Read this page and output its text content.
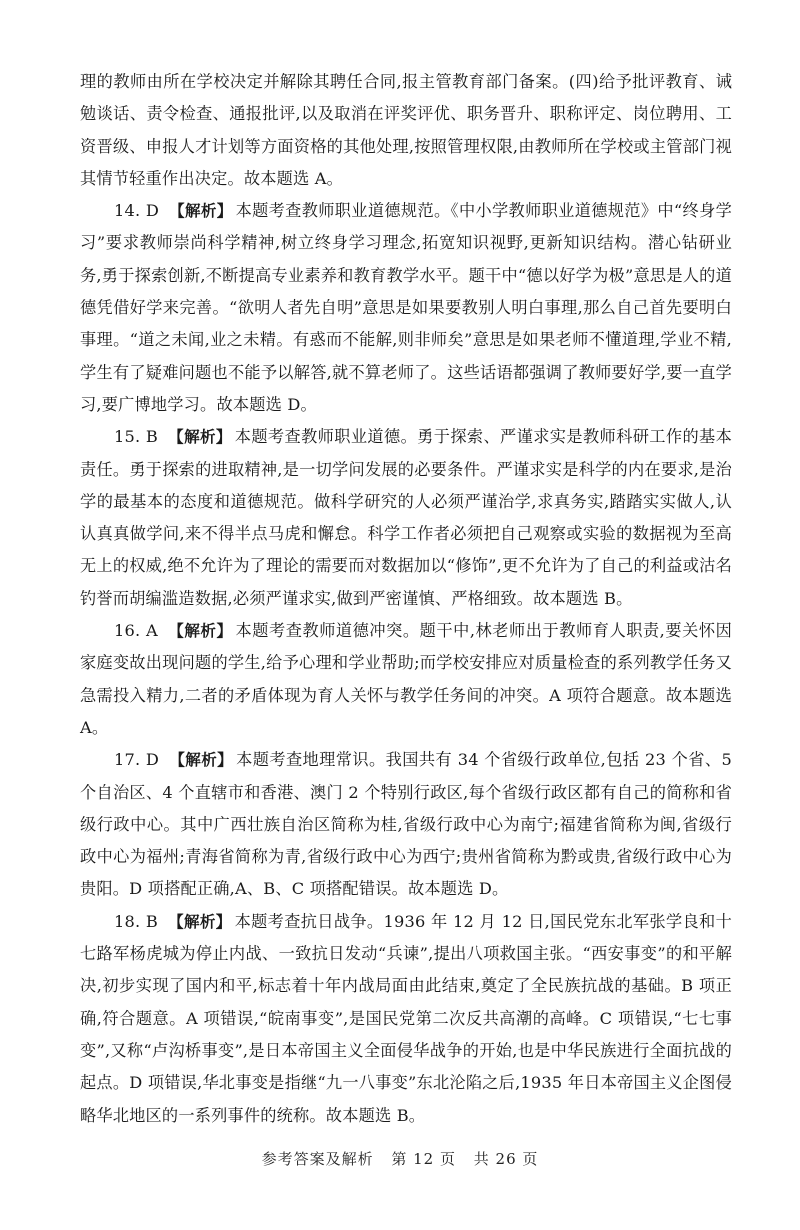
理的教师由所在学校决定并解除其聘任合同,报主管教育部门备案。(四)给予批评教育、诫勉谈话、责令检查、通报批评,以及取消在评奖评优、职务晋升、职称评定、岗位聘用、工资晋级、申报人才计划等方面资格的其他处理,按照管理权限,由教师所在学校或主管部门视其情节轻重作出决定。故本题选 A。

14. D 【解析】 本题考查教师职业道德规范。《中小学教师职业道德规范》中“终身学习”要求教师崇尚科学精神,树立终身学习理念,拓宽知识视野,更新知识结构。潜心钻研业务,勇于探索创新,不断提高专业素养和教育教学水平。题干中“德以好学为极”意思是人的道德凭借好学来完善。“欲明人者先自明”意思是如果要教别人明白事理,那么自己首先要明白事理。“道之未闻,业之未精。有惑而不能解,则非师矣”意思是如果老师不懂道理,学业不精,学生有了疑难问题也不能予以解答,就不算老师了。这些话语都强调了教师要好学,要一直学习,要广博地学习。故本题选 D。

15. B 【解析】 本题考查教师职业道德。勇于探索、严谨求实是教师科研工作的基本责任。勇于探索的进取精神,是一切学问发展的必要条件。严谨求实是科学的内在要求,是治学的最基本的态度和道德规范。做科学研究的人必须严谨治学,求真务实,踏踏实实做人,认认真真做学问,来不得半点马虎和懈怠。科学工作者必须把自己观察或实验的数据视为至高无上的权威,绝不允许为了理论的需要而对数据加以“修饰”,更不允许为了自己的利益或沽名钓誉而胡编滥造数据,必须严谨求实,做到严密谨慎、严格细致。故本题选 B。

16. A 【解析】 本题考查教师道德冲突。题干中,林老师出于教师育人职责,要关怀因家庭变故出现问题的学生,给予心理和学业帮助;而学校安排应对质量检查的系列教学任务又急需投入精力,二者的矛盾体现为育人关怀与教学任务间的冲突。A 项符合题意。故本题选 A。

17. D 【解析】 本题考查地理常识。我国共有 34 个省级行政单位,包括 23 个省、5 个自治区、4 个直辖市和香港、澳门 2 个特别行政区,每个省级行政区都有自己的简称和省级行政中心。其中广西壮族自治区简称为桂,省级行政中心为南宁;福建省简称为闽,省级行政中心为福州;青海省简称为青,省级行政中心为西宁;贵州省简称为黔或贵,省级行政中心为贵阳。D 项搭配正确,A、B、C 项搭配错误。故本题选 D。

18. B 【解析】 本题考查抗日战争。1936 年 12 月 12 日,国民党东北军张学良和十七路军杨虎城为停止内战、一致抗日发动“兵谏”,提出八项救国主张。“西安事变”的和平解决,初步实现了国内和平,标志着十年内战局面由此结束,奠定了全民族抗战的基础。B 项正确,符合题意。A 项错误,“皖南事变”,是国民党第二次反共高潮的高峰。C 项错误,“七七事变”,又称“卢沟桥事变”,是日本帝国主义全面侵华战争的开始,也是中华民族进行全面抗战的起点。D 项错误,华北事变是指继“九一八事变”东北沦陷之后,1935 年日本帝国主义企图侵略华北地区的一系列事件的统称。故本题选 B。

参考答案及解析 第 12 页 共 26 页
